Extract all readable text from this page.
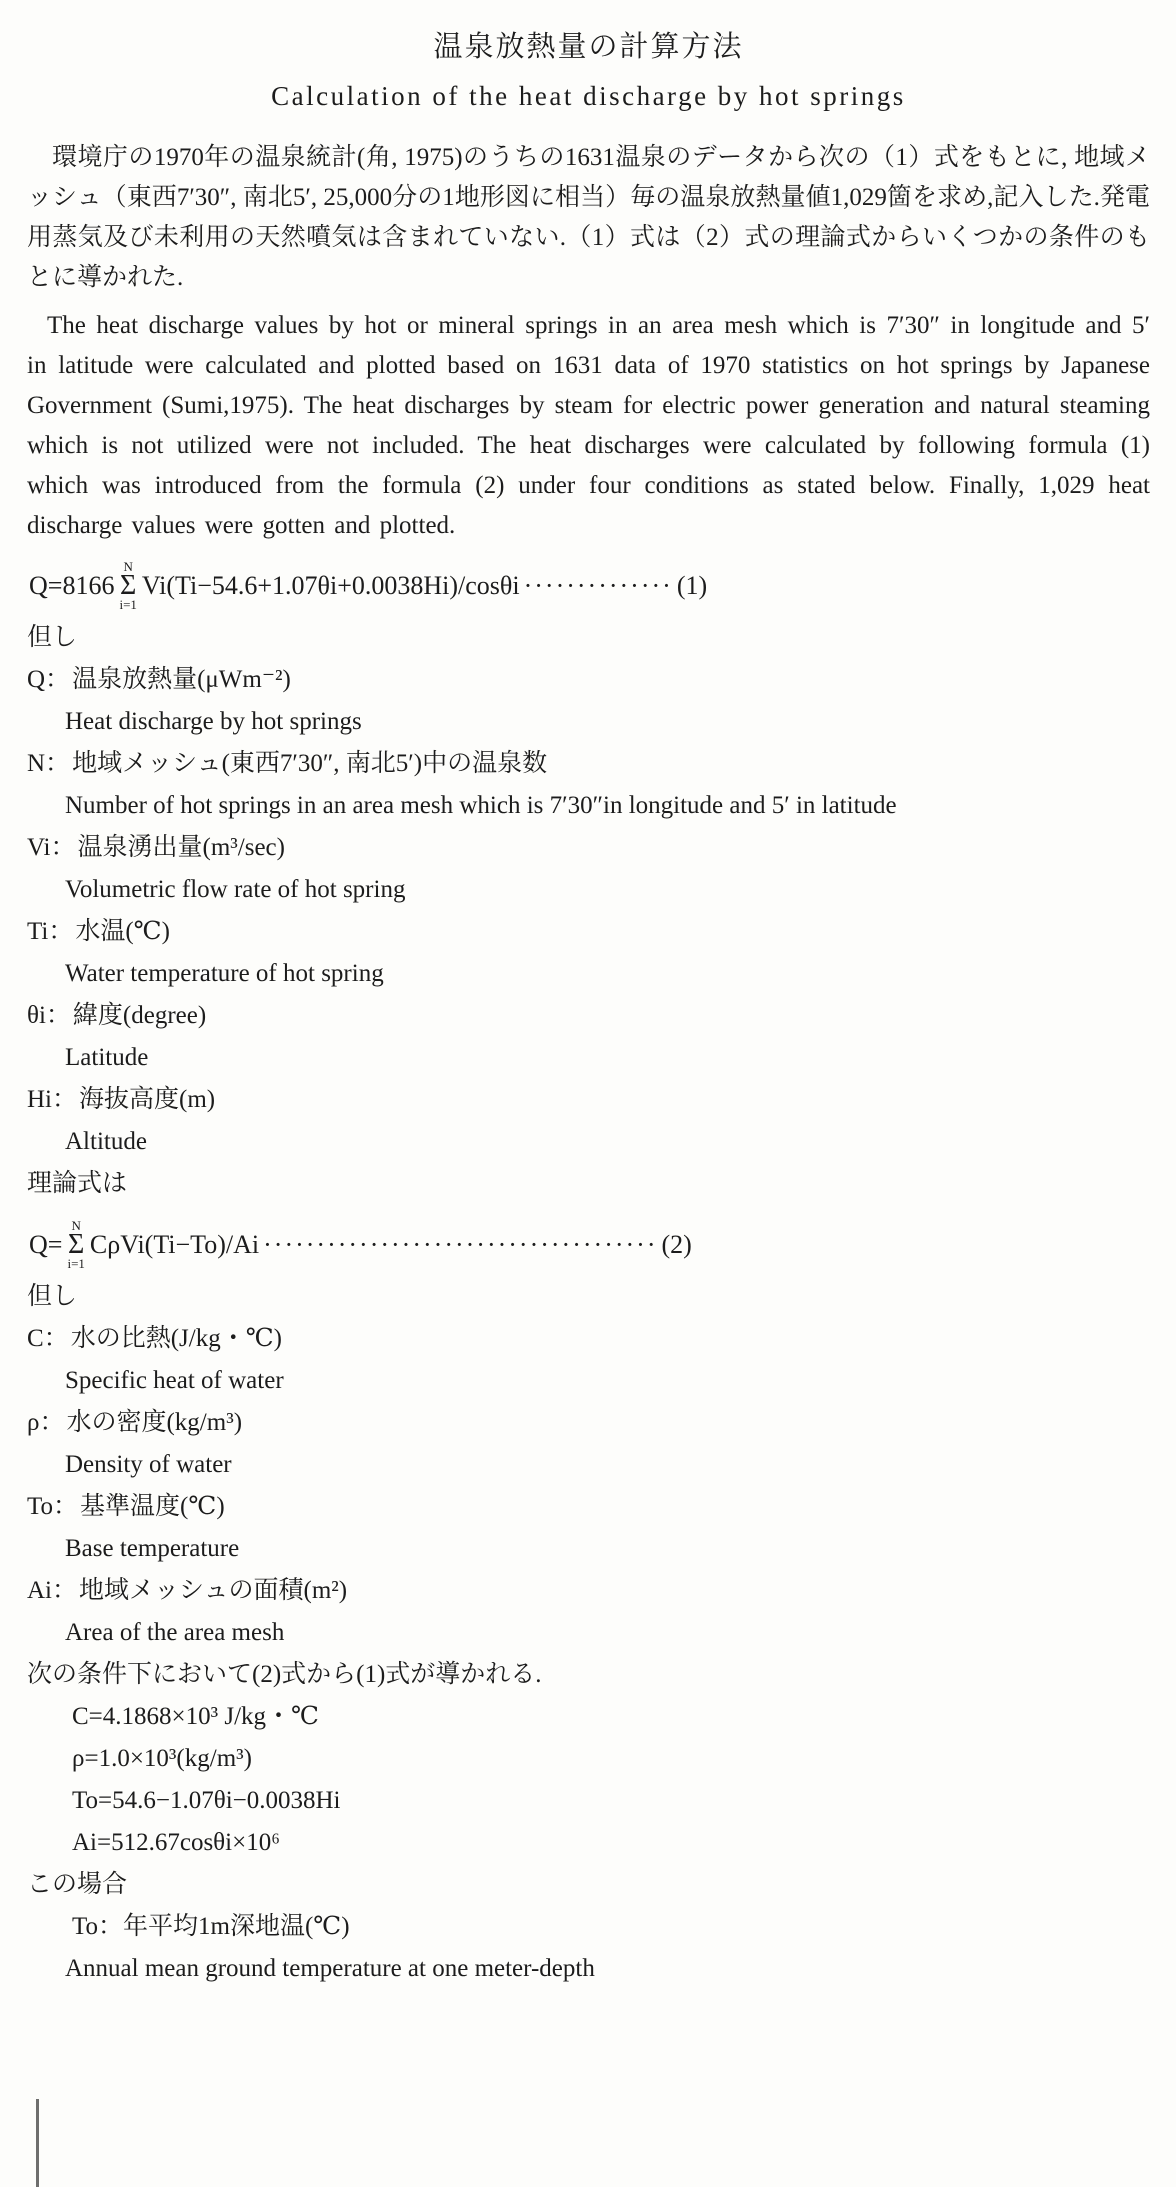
温泉放熱量の計算方法
Calculation of the heat discharge by hot springs

環境庁の1970年の温泉統計(角, 1975)のうちの1631温泉のデータから次の（1）式をもとに, 地域メッシュ（東西7′30″, 南北5′, 25,000分の1地形図に相当）毎の温泉放熱量値1,029箇を求め,記入した.発電用蒸気及び未利用の天然噴気は含まれていない.（1）式は（2）式の理論式からいくつかの条件のもとに導かれた.

The heat discharge values by hot or mineral springs in an area mesh which is 7′30″ in longitude and 5′ in latitude were calculated and plotted based on 1631 data of 1970 statistics on hot springs by Japanese Government (Sumi,1975). The heat discharges by steam for electric power generation and natural steaming which is not utilized were not included. The heat discharges were calculated by following formula (1) which was introduced from the formula (2) under four conditions as stated below. Finally, 1,029 heat discharge values were gotten and plotted.

Q=8166
N
Σ
i=1
Vi(Ti−54.6+1.07θi+0.0038Hi)/cosθi ·············· (1)
但し
Q：温泉放熱量(μWm⁻²)
Heat discharge by hot springs
N：地域メッシュ(東西7′30″, 南北5′)中の温泉数
Number of hot springs in an area mesh which is 7′30″in longitude and 5′ in latitude
Vi：温泉湧出量(m³/sec)
Volumetric flow rate of hot spring
Ti：水温(℃)
Water temperature of hot spring
θi：緯度(degree)
Latitude
Hi：海抜高度(m)
Altitude
理論式は
Q=
N
Σ
i=1
CρVi(Ti−To)/Ai ····································· (2)
但し
C：水の比熱(J/kg・℃)
Specific heat of water
ρ：水の密度(kg/m³)
Density of water
To：基準温度(℃)
Base temperature
Ai：地域メッシュの面積(m²)
Area of the area mesh
次の条件下において(2)式から(1)式が導かれる.
C=4.1868×10³ J/kg・℃
ρ=1.0×10³(kg/m³)
To=54.6−1.07θi−0.0038Hi
Ai=512.67cosθi×10⁶
この場合
To：年平均1m深地温(℃)
Annual mean ground temperature at one meter-depth
